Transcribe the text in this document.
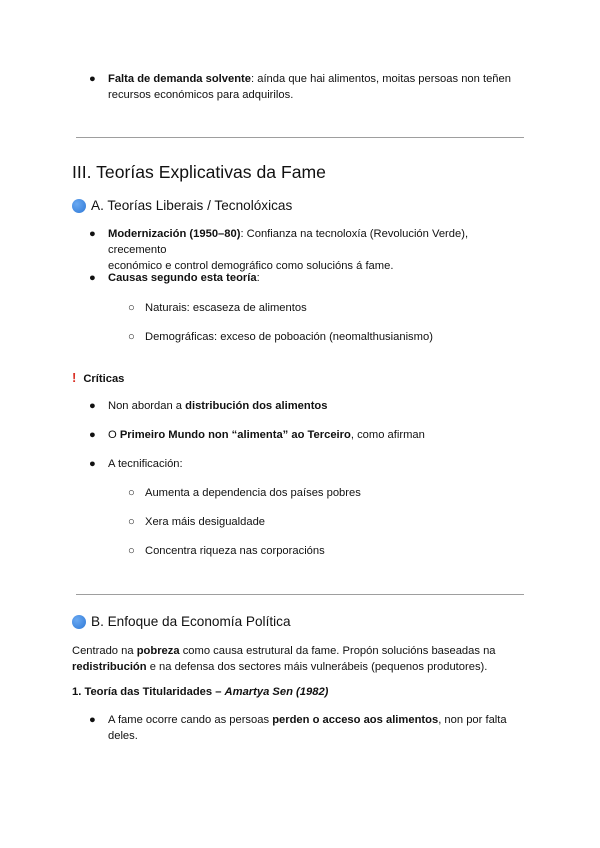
● Falta de demanda solvente: aínda que hai alimentos, moitas persoas non teñen
recursos económicos para adquirilos.
III. Teorías Explicativas da Fame
A. Teorías Liberais / Tecnolóxicas
● Modernización (1950–80): Confianza na tecnoloxía (Revolución Verde), crecemento
económico e control demográfico como solucións á fame.
● Causas segundo esta teoría:
○ Naturais: escaseza de alimentos
○ Demográficas: exceso de poboación (neomalthusianismo)
! Críticas
● Non abordan a distribución dos alimentos
● O Primeiro Mundo non “alimenta” ao Terceiro, como afirman
● A tecnificación:
○ Aumenta a dependencia dos países pobres
○ Xera máis desigualdade
○ Concentra riqueza nas corporacións
B. Enfoque da Economía Política
Centrado na pobreza como causa estrutural da fame. Propón solucións baseadas na
redistribución e na defensa dos sectores máis vulnerábeis (pequenos produtores).
1. Teoría das Titularidades – Amartya Sen (1982)
● A fame ocorre cando as persoas perden o acceso aos alimentos, non por falta
deles.
